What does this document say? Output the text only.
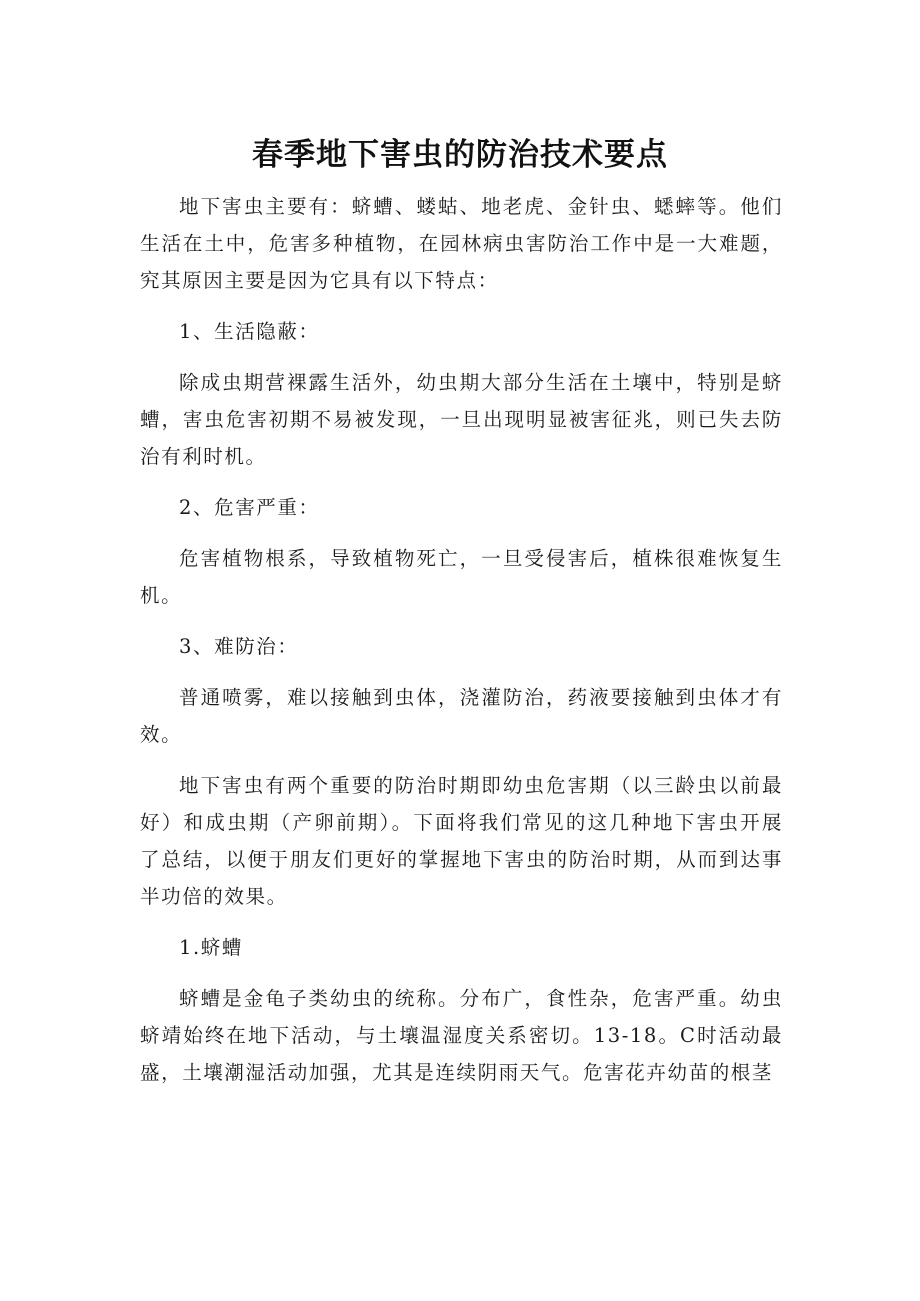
春季地下害虫的防治技术要点

地下害虫主要有：蛴螬、蝼蛄、地老虎、金针虫、蟋蟀等。他们生活在土中，危害多种植物，在园林病虫害防治工作中是一大难题，究其原因主要是因为它具有以下特点：

1、生活隐蔽：

除成虫期营裸露生活外，幼虫期大部分生活在土壤中，特别是蛴螬，害虫危害初期不易被发现，一旦出现明显被害征兆，则已失去防治有利时机。

2、危害严重：

危害植物根系，导致植物死亡，一旦受侵害后，植株很难恢复生机。

3、难防治：

普通喷雾，难以接触到虫体，浇灌防治，药液要接触到虫体才有效。

地下害虫有两个重要的防治时期即幼虫危害期（以三龄虫以前最好）和成虫期（产卵前期）。下面将我们常见的这几种地下害虫开展了总结，以便于朋友们更好的掌握地下害虫的防治时期，从而到达事半功倍的效果。

1.蛴螬

蛴螬是金龟子类幼虫的统称。分布广，食性杂，危害严重。幼虫蛴靖始终在地下活动，与土壤温湿度关系密切。13-18。C时活动最盛，土壤潮湿活动加强，尤其是连续阴雨天气。危害花卉幼苗的根茎
